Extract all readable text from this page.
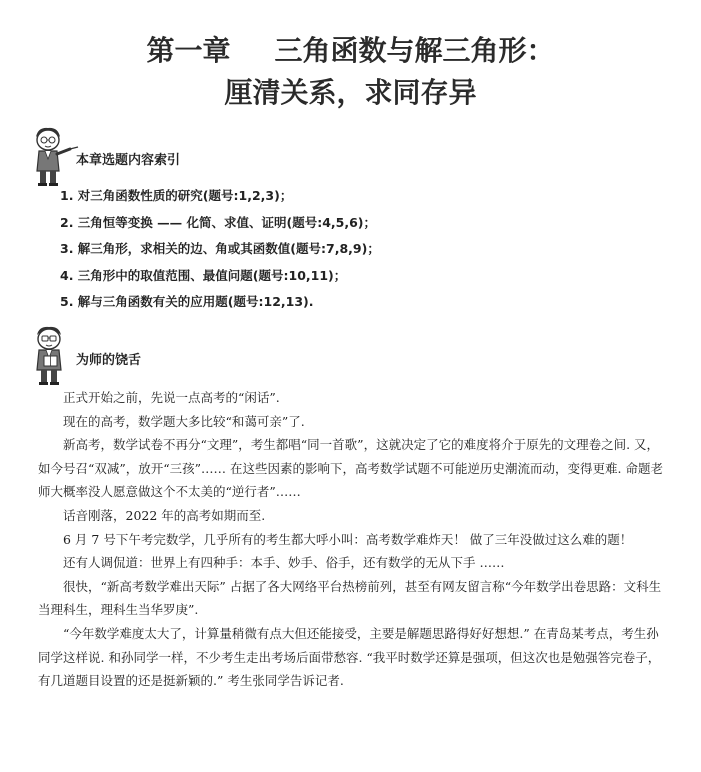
第一章 三角函数与解三角形：
厘清关系，求同存异
本章选题内容索引
1. 对三角函数性质的研究(题号:1,2,3)；
2. 三角恒等变换 —— 化简、求值、证明(题号:4,5,6)；
3. 解三角形，求相关的边、角或其函数值(题号:7,8,9)；
4. 三角形中的取值范围、最值问题(题号:10,11)；
5. 解与三角函数有关的应用题(题号:12,13).
为师的饶舌

正式开始之前，先说一点高考的“闲话”.

现在的高考，数学题大多比较“和蔼可亲”了.

新高考，数学试卷不再分“文理”，考生都唱“同一首歌”，这就决定了它的难度将介于原先的文理卷之间. 又，如今号召“双减”，放开“三孩”…… 在这些因素的影响下，高考数学试题不可能逆历史潮流而动，变得更难. 命题老师大概率没人愿意做这个不太美的“逆行者”……

话音刚落，2022 年的高考如期而至.

6 月 7 号下午考完数学，几乎所有的考生都大呼小叫：高考数学难炸天！ 做了三年没做过这么难的题！

还有人调侃道：世界上有四种手：本手、妙手、俗手，还有数学的无从下手 ……

很快，“新高考数学难出天际” 占据了各大网络平台热榜前列，甚至有网友留言称“今年数学出卷思路：文科生当理科生，理科生当华罗庚”.

“今年数学难度太大了，计算量稍微有点大但还能接受，主要是解题思路得好好想想.” 在青岛某考点，考生孙同学这样说. 和孙同学一样，不少考生走出考场后面带愁容. “我平时数学还算是强项，但这次也是勉强答完卷子，有几道题目设置的还是挺新颖的.” 考生张同学告诉记者.
